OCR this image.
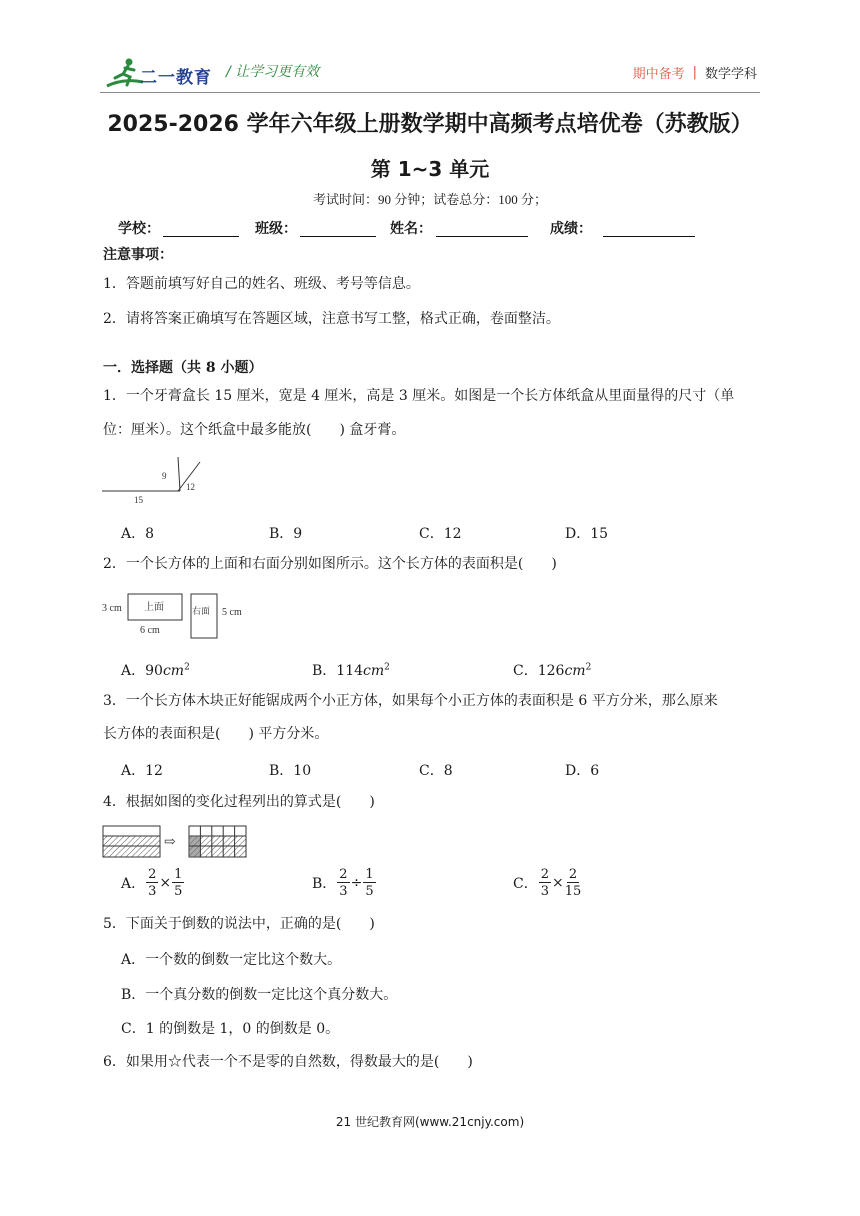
二一教育 / 让学习更有效	期中备考 | 数学学科
2025-2026 学年六年级上册数学期中高频考点培优卷（苏教版）
第 1~3 单元
考试时间：90 分钟；试卷总分：100 分；
学校：	班级：	姓名：	成绩：
注意事项：
1．答题前填写好自己的姓名、班级、考号等信息。
2．请将答案正确填写在答题区域，注意书写工整，格式正确，卷面整洁。
一．选择题（共 8 小题）
1．一个牙膏盒长 15 厘米，宽是 4 厘米，高是 3 厘米。如图是一个长方体纸盒从里面量得的尺寸（单
位：厘米）。这个纸盒中最多能放(　　) 盒牙膏。
9
15
12
A．8	B．9	C．12	D．15
2．一个长方体的上面和右面分别如图所示。这个长方体的表面积是(　　)
上面
3 cm
6 cm
右面 5 cm
A．$90cm^2$	B．$114cm^2$	C．$126cm^2$
3．一个长方体木块正好能锯成两个小正方体，如果每个小正方体的表面积是 6 平方分米，那么原来
长方体的表面积是(　　) 平方分米。
A．12	B．10	C．8	D．6
4．根据如图的变化过程列出的算式是(　　)
⇨
A． $\frac{2}{3} \times \frac{1}{5}$	B． $\frac{2}{3} \div \frac{1}{5}$	C． $\frac{2}{3} \times \frac{2}{15}$
5．下面关于倒数的说法中，正确的是(　　)
A．一个数的倒数一定比这个数大。
B．一个真分数的倒数一定比这个真分数大。
C．1 的倒数是 1，0 的倒数是 0。
6．如果用☆代表一个不是零的自然数，得数最大的是(　　)
21 世纪教育网(www.21cnjy.com)
